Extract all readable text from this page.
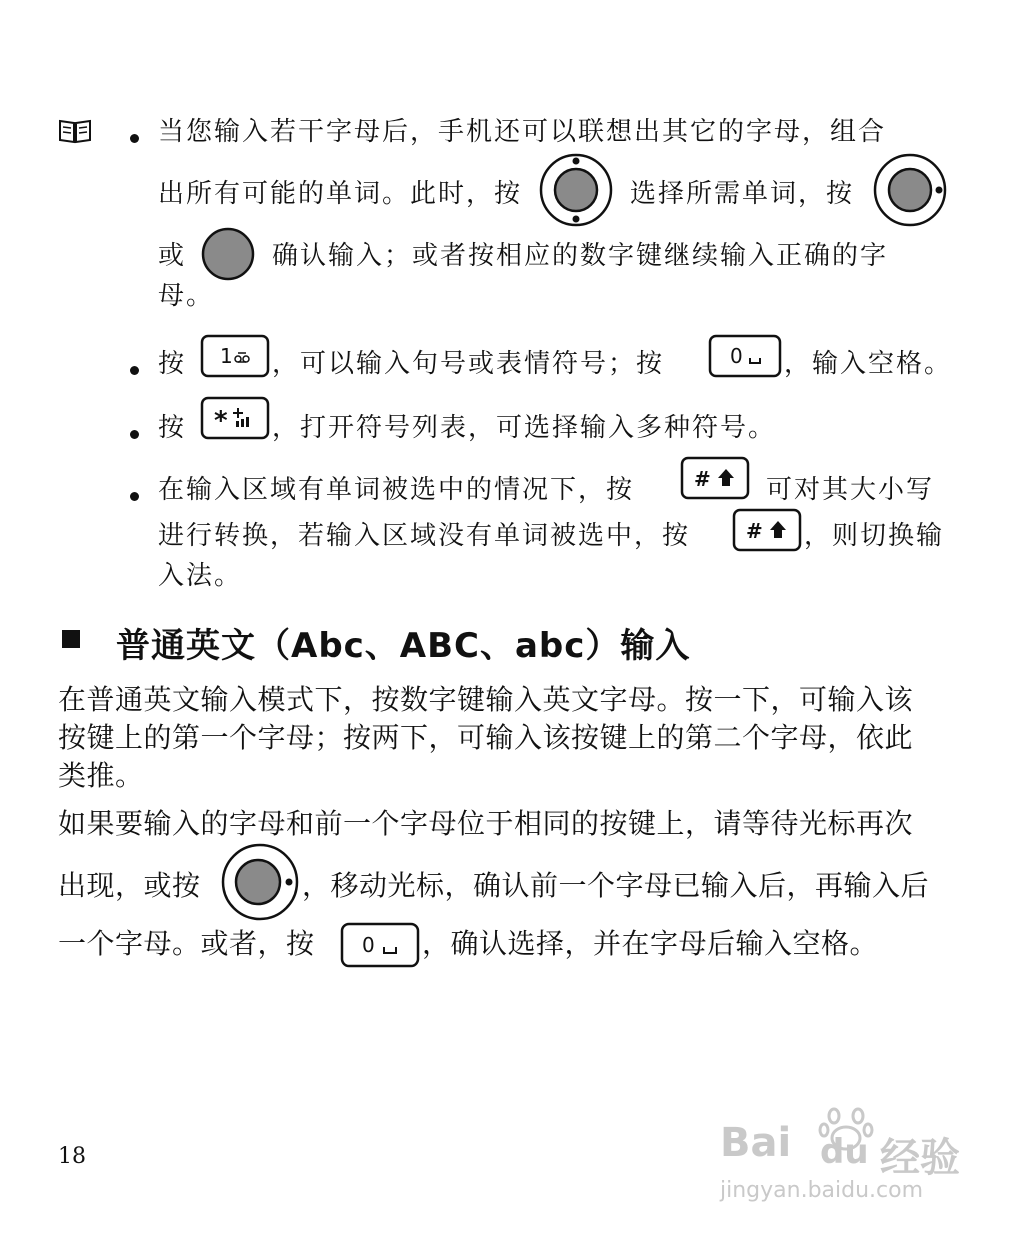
当您输入若干字母后，手机还可以联想出其它的字母，组合
出所有可能的单词。此时，按	选择所需单词，按
或	确认输入；或者按相应的数字键继续输入正确的字
母。
按 1 ，可以输入句号或表情符号；按	0 ，输入空格。
按 * ，打开符号列表，可选择输入多种符号。
在输入区域有单词被选中的情况下，按	# 可对其大小写
进行转换，若输入区域没有单词被选中，按	# ，则切换输
入法。
普通英文（Abc、ABC、abc）输入
在普通英文输入模式下，按数字键输入英文字母。按一下，可输入该
按键上的第一个字母；按两下，可输入该按键上的第二个字母，依此
类推。
如果要输入的字母和前一个字母位于相同的按键上，请等待光标再次
出现，或按	，移动光标，确认前一个字母已输入后，再输入后
一个字母。或者，按 0 ，确认选择，并在字母后输入空格。
18	Bai du 经验
jingyan.baidu.com
